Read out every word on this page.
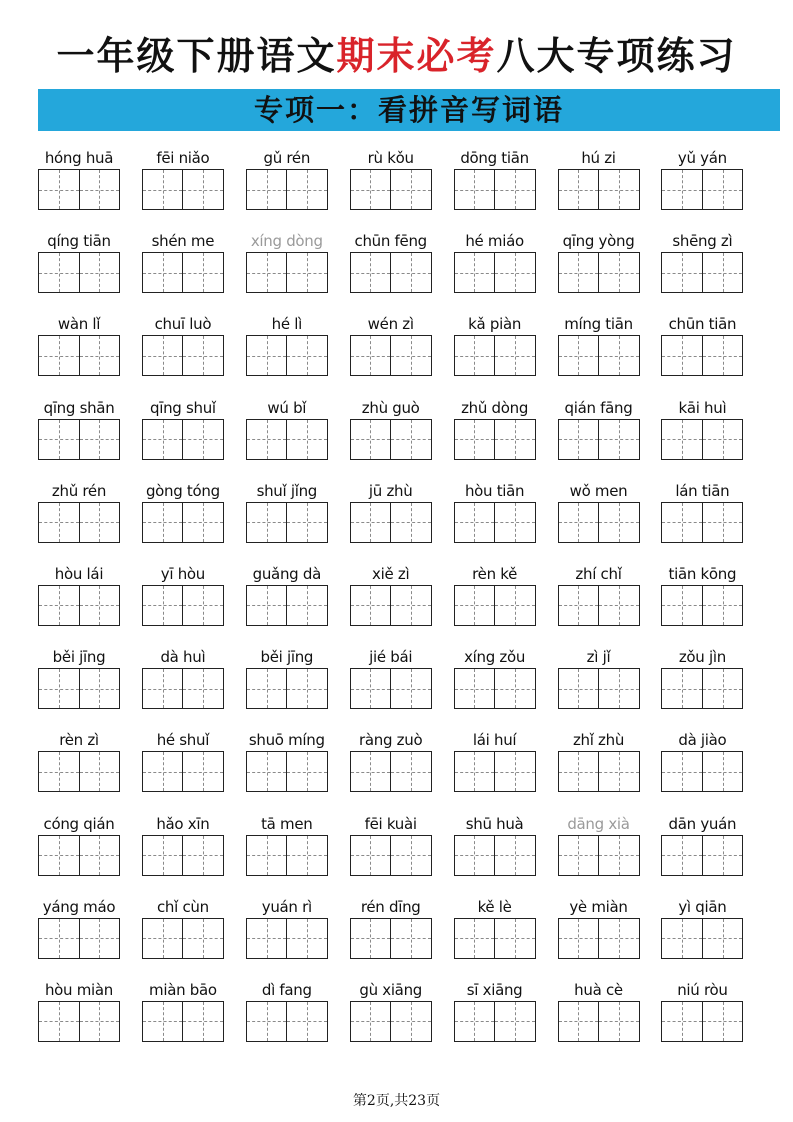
一年级下册语文期末必考八大专项练习
专项一：看拼音写词语
hóng huā	fēi niǎo	gǔ rén	rù kǒu	dōng tiān	hú zi	yǔ yán
qíng tiān	shén me	xíng dòng	chūn fēng	hé miáo	qīng yòng	shēng zì
wàn lǐ	chuī luò	hé lì	wén zì	kǎ piàn	míng tiān	chūn tiān
qīng shān	qīng shuǐ	wú bǐ	zhù guò	zhǔ dòng	qián fāng	kāi huì
zhǔ rén	gòng tóng	shuǐ jǐng	jū zhù	hòu tiān	wǒ men	lán tiān
hòu lái	yī hòu	guǎng dà	xiě zì	rèn kě	zhí chǐ	tiān kōng
běi jīng	dà huì	běi jīng	jié bái	xíng zǒu	zì jǐ	zǒu jìn
rèn zì	hé shuǐ	shuō míng	ràng zuò	lái huí	zhǐ zhù	dà jiào
cóng qián	hǎo xīn	tā men	fēi kuài	shū huà	dāng xià	dān yuán
yáng máo	chǐ cùn	yuán rì	rén dīng	kě lè	yè miàn	yì qiān
hòu miàn	miàn bāo	dì fang	gù xiāng	sī xiāng	huà cè	niú ròu
第2页,共23页
